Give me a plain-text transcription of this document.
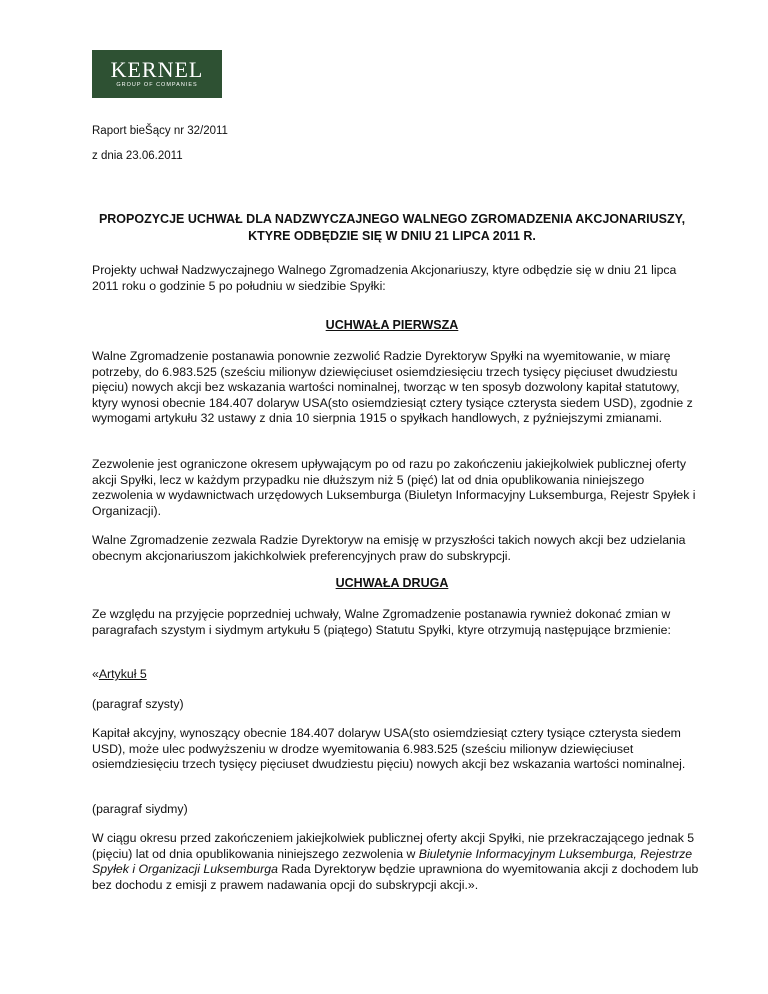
KERNEL
GROUP OF COMPANIES
Raport bieŠący nr 32/2011
z dnia 23.06.2011
PROPOZYCJE UCHWAŁ DLA NADZWYCZAJNEGO WALNEGO ZGROMADZENIA AKCJONARIUSZY, KTYRE ODBĘDZIE SIĘ W DNIU 21 LIPCA 2011 R.
Projekty uchwał Nadzwyczajnego Walnego Zgromadzenia Akcjonariuszy, ktyre odbędzie się w dniu 21 lipca 2011 roku o godzinie 5 po południu w siedzibie Spyłki:
UCHWAŁA PIERWSZA
Walne Zgromadzenie postanawia ponownie zezwolić Radzie Dyrektoryw Spyłki na wyemitowanie, w miarę potrzeby, do 6.983.525 (sześciu milionyw dziewięciuset osiemdziesięciu trzech tysięcy pięciuset dwudziestu pięciu) nowych akcji bez wskazania wartości nominalnej, tworząc w ten sposyb dozwolony kapitał statutowy, ktyry wynosi obecnie 184.407 dolaryw USA(sto osiemdziesiąt cztery tysiące czterysta siedem USD), zgodnie z wymogami artykułu 32 ustawy z dnia 10 sierpnia 1915 o spyłkach handlowych, z pyźniejszymi zmianami.
Zezwolenie jest ograniczone okresem upływającym po od razu po zakończeniu jakiejkolwiek publicznej oferty akcji Spyłki, lecz w każdym przypadku nie dłuższym niż 5 (pięć) lat od dnia opublikowania niniejszego zezwolenia w wydawnictwach urzędowych Luksemburga (Biuletyn Informacyjny Luksemburga, Rejestr Spyłek i Organizacji).
Walne Zgromadzenie zezwala Radzie Dyrektoryw na emisję w przyszłości takich nowych akcji bez udzielania obecnym akcjonariuszom jakichkolwiek preferencyjnych praw do subskrypcji.
UCHWAŁA DRUGA
Ze względu na przyjęcie poprzedniej uchwały, Walne Zgromadzenie postanawia rywnież dokonać zmian w paragrafach szystym i siydmym artykułu 5 (piątego) Statutu Spyłki, ktyre otrzymują następujące brzmienie:
«Artykuł 5
(paragraf szysty)
Kapitał akcyjny, wynoszący obecnie 184.407 dolaryw USA(sto osiemdziesiąt cztery tysiące czterysta siedem USD), może ulec podwyższeniu w drodze wyemitowania 6.983.525 (sześciu milionyw dziewięciuset osiemdziesięciu trzech tysięcy pięciuset dwudziestu pięciu) nowych akcji bez wskazania wartości nominalnej.
(paragraf siydmy)
W ciągu okresu przed zakończeniem jakiejkolwiek publicznej oferty akcji Spyłki, nie przekraczającego jednak 5 (pięciu) lat od dnia opublikowania niniejszego zezwolenia w Biuletynie Informacyjnym Luksemburga, Rejestrze Spyłek i Organizacji Luksemburga Rada Dyrektoryw będzie uprawniona do wyemitowania akcji z dochodem lub bez dochodu z emisji z prawem nadawania opcji do subskrypcji akcji.».
